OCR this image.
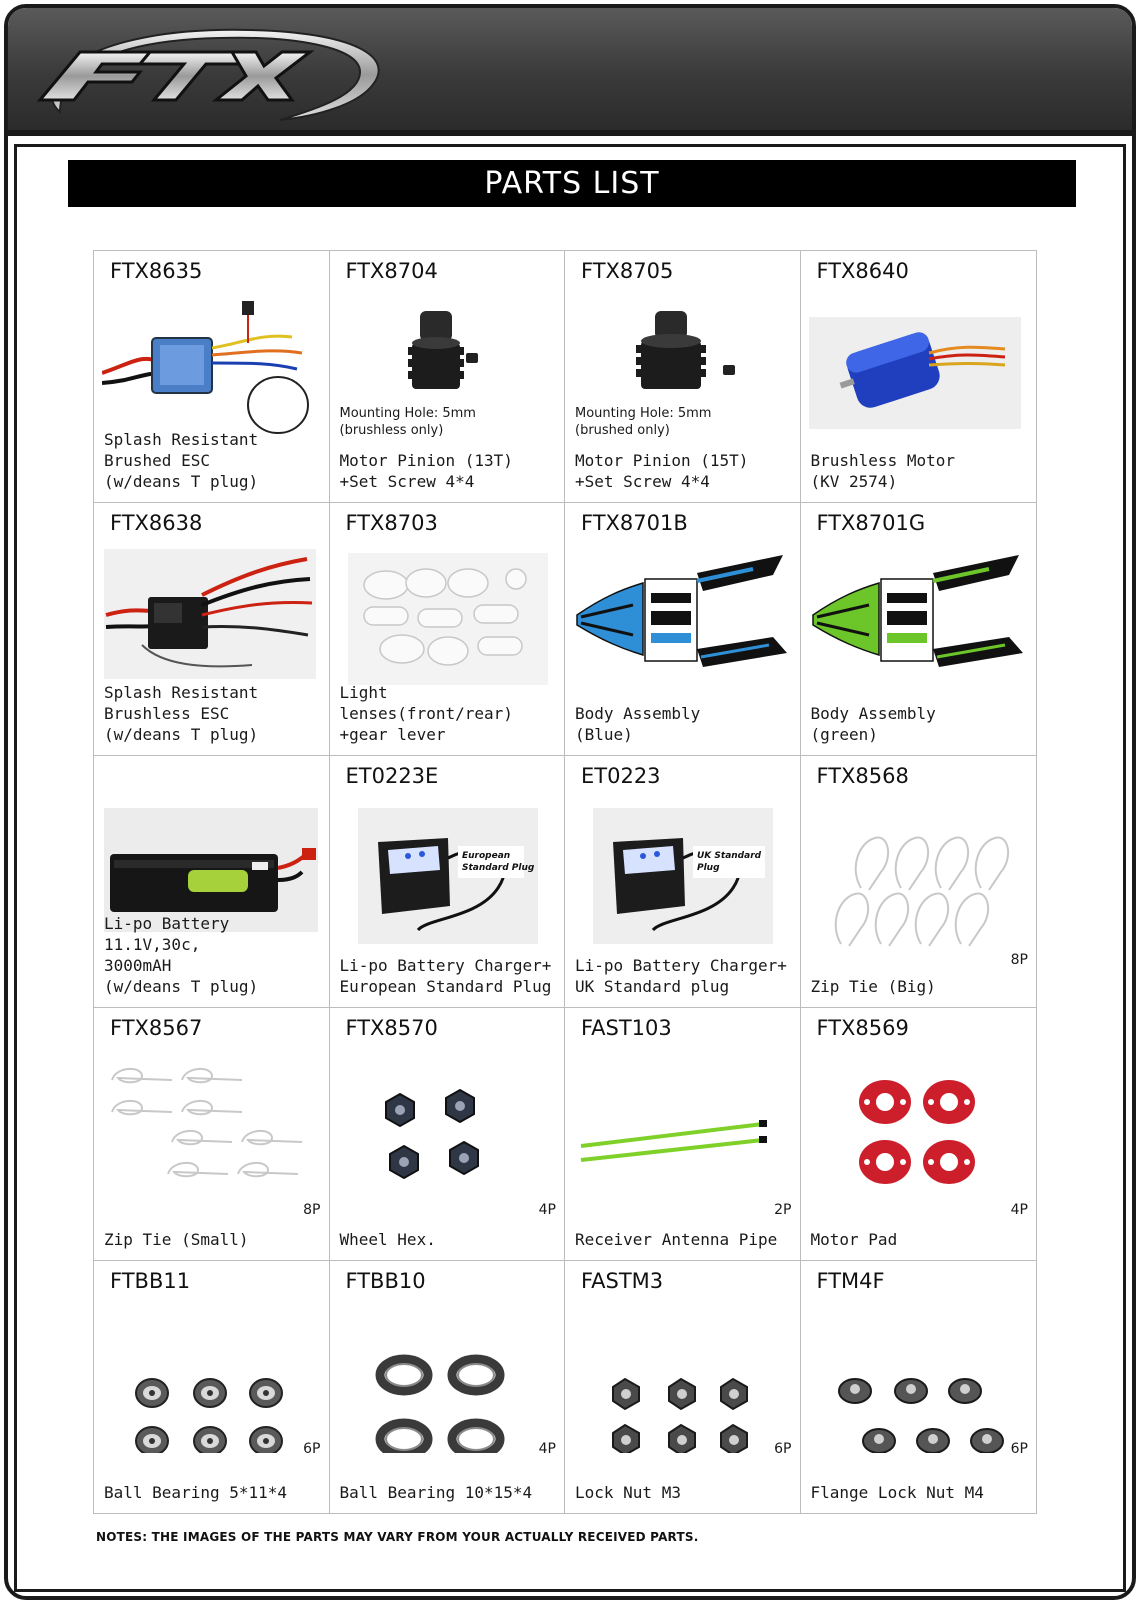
PARTS LIST
FTX8635
Splash Resistant
Brushed ESC
(w/deans T plug)
FTX8704
Mounting Hole: 5mm
(brushless only)
Motor Pinion (13T)
+Set Screw 4*4
FTX8705
Mounting Hole: 5mm
(brushed only)
Motor Pinion (15T)
+Set Screw 4*4
FTX8640
Brushless Motor
(KV 2574)
FTX8638
Splash Resistant
Brushless ESC
(w/deans T plug)
FTX8703
Light lenses(front/rear)
+gear lever
FTX8701B
Body Assembly
(Blue)
FTX8701G
Body Assembly
(green)
Li-po Battery 11.1V,30c,
3000mAH
(w/deans T plug)
ET0223E
European
Standard Plug
Li-po Battery Charger+
European Standard Plug
ET0223
UK Standard
Plug
Li-po Battery Charger+
UK Standard plug
FTX8568
8P
Zip Tie (Big)
FTX8567
8P
Zip Tie (Small)
FTX8570
4P
Wheel Hex.
FAST103
2P
Receiver Antenna Pipe
FTX8569
4P
Motor Pad
FTBB11
6P
Ball Bearing 5*11*4
FTBB10
4P
Ball Bearing 10*15*4
FASTM3
6P
Lock Nut M3
FTM4F
6P
Flange Lock Nut M4
NOTES: THE IMAGES OF THE PARTS MAY VARY FROM YOUR ACTUALLY RECEIVED PARTS.
